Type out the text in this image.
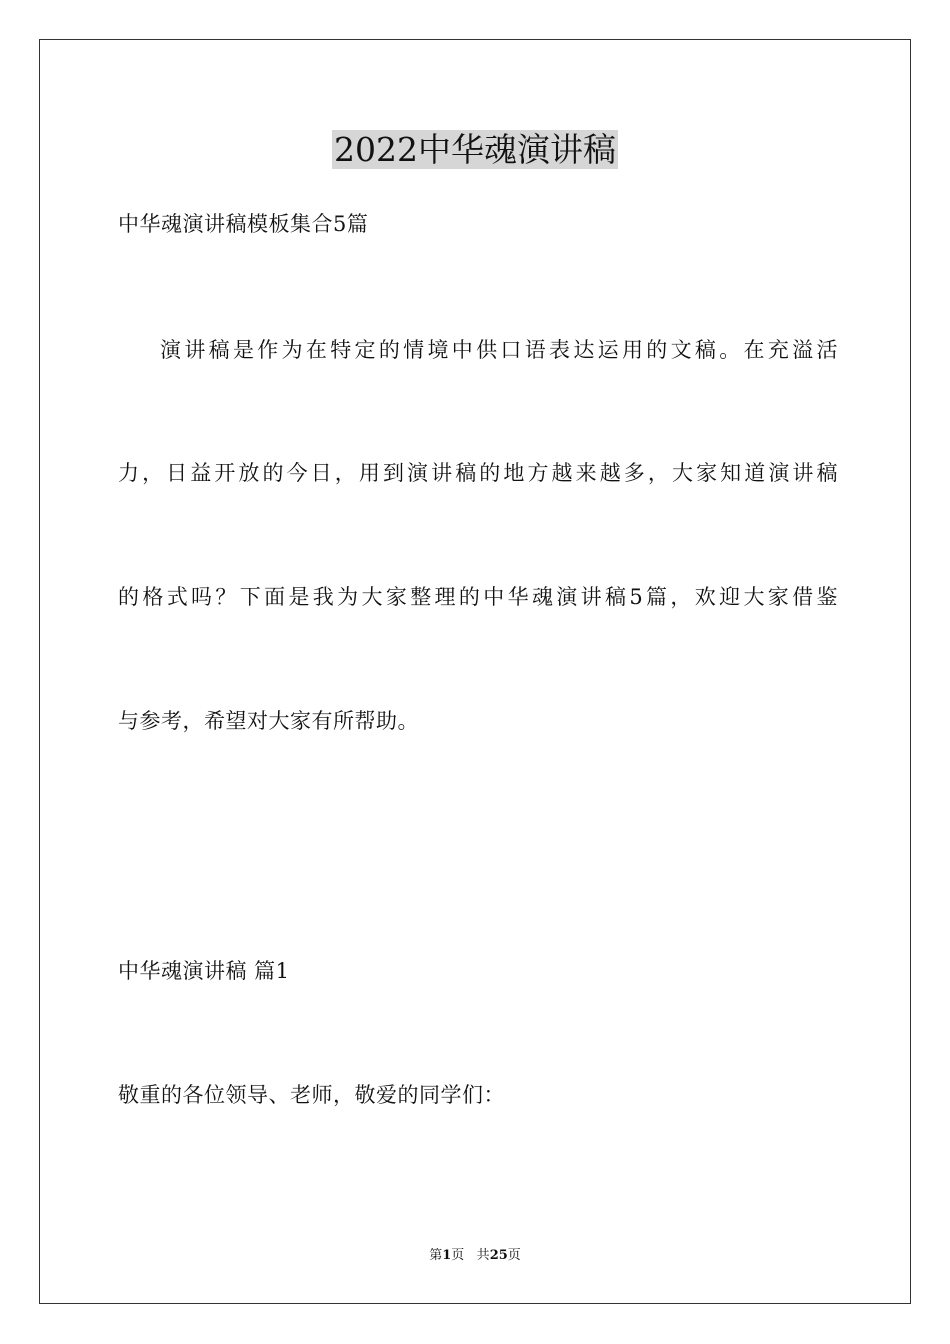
2022中华魂演讲稿

中华魂演讲稿模板集合5篇

演讲稿是作为在特定的情境中供口语表达运用的文稿。在充溢活

力，日益开放的今日，用到演讲稿的地方越来越多，大家知道演讲稿

的格式吗？下面是我为大家整理的中华魂演讲稿5篇，欢迎大家借鉴

与参考，希望对大家有所帮助。

中华魂演讲稿 篇1

敬重的各位领导、老师，敬爱的同学们：

第1页 共25页
